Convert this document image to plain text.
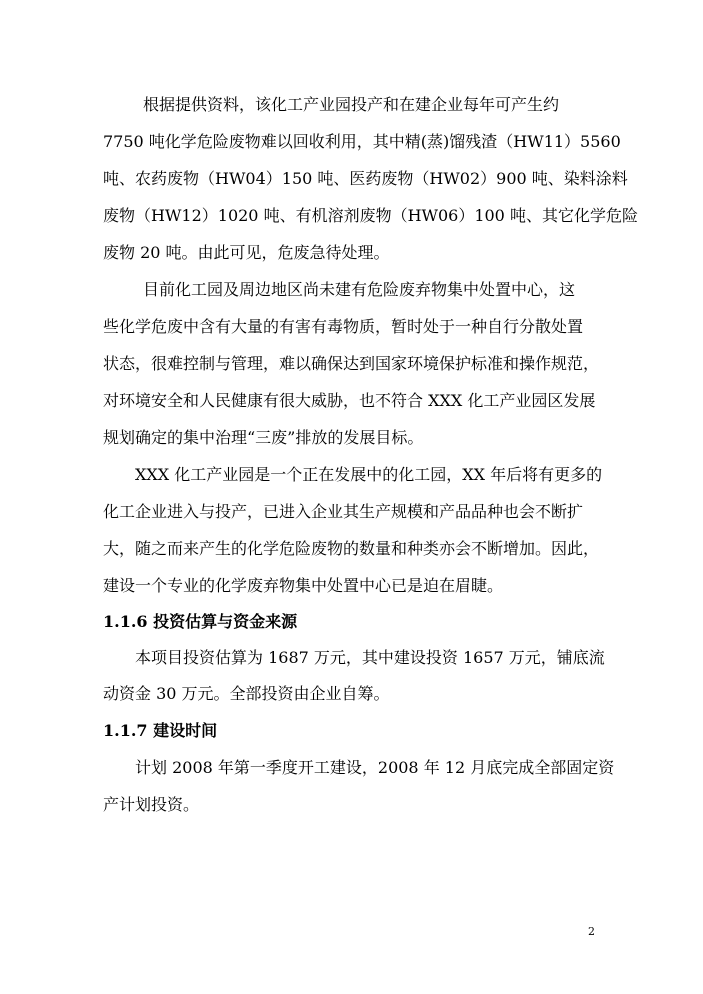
根据提供资料，该化工产业园投产和在建企业每年可产生约
7750 吨化学危险废物难以回收利用，其中精(蒸)馏残渣（HW11）5560
吨、农药废物（HW04）150 吨、医药废物（HW02）900 吨、染料涂料
废物（HW12）1020 吨、有机溶剂废物（HW06）100 吨、其它化学危险
废物 20 吨。由此可见，危废急待处理。
目前化工园及周边地区尚未建有危险废弃物集中处置中心，这
些化学危废中含有大量的有害有毒物质，暂时处于一种自行分散处置
状态，很难控制与管理，难以确保达到国家环境保护标准和操作规范，
对环境安全和人民健康有很大威胁，也不符合 XXX 化工产业园区发展
规划确定的集中治理“三废”排放的发展目标。
XXX 化工产业园是一个正在发展中的化工园，XX 年后将有更多的
化工企业进入与投产，已进入企业其生产规模和产品品种也会不断扩
大，随之而来产生的化学危险废物的数量和种类亦会不断增加。因此，
建设一个专业的化学废弃物集中处置中心已是迫在眉睫。
1.1.6 投资估算与资金来源
本项目投资估算为 1687 万元，其中建设投资 1657 万元，铺底流
动资金 30 万元。全部投资由企业自筹。
1.1.7 建设时间
计划 2008 年第一季度开工建设，2008 年 12 月底完成全部固定资
产计划投资。
2
